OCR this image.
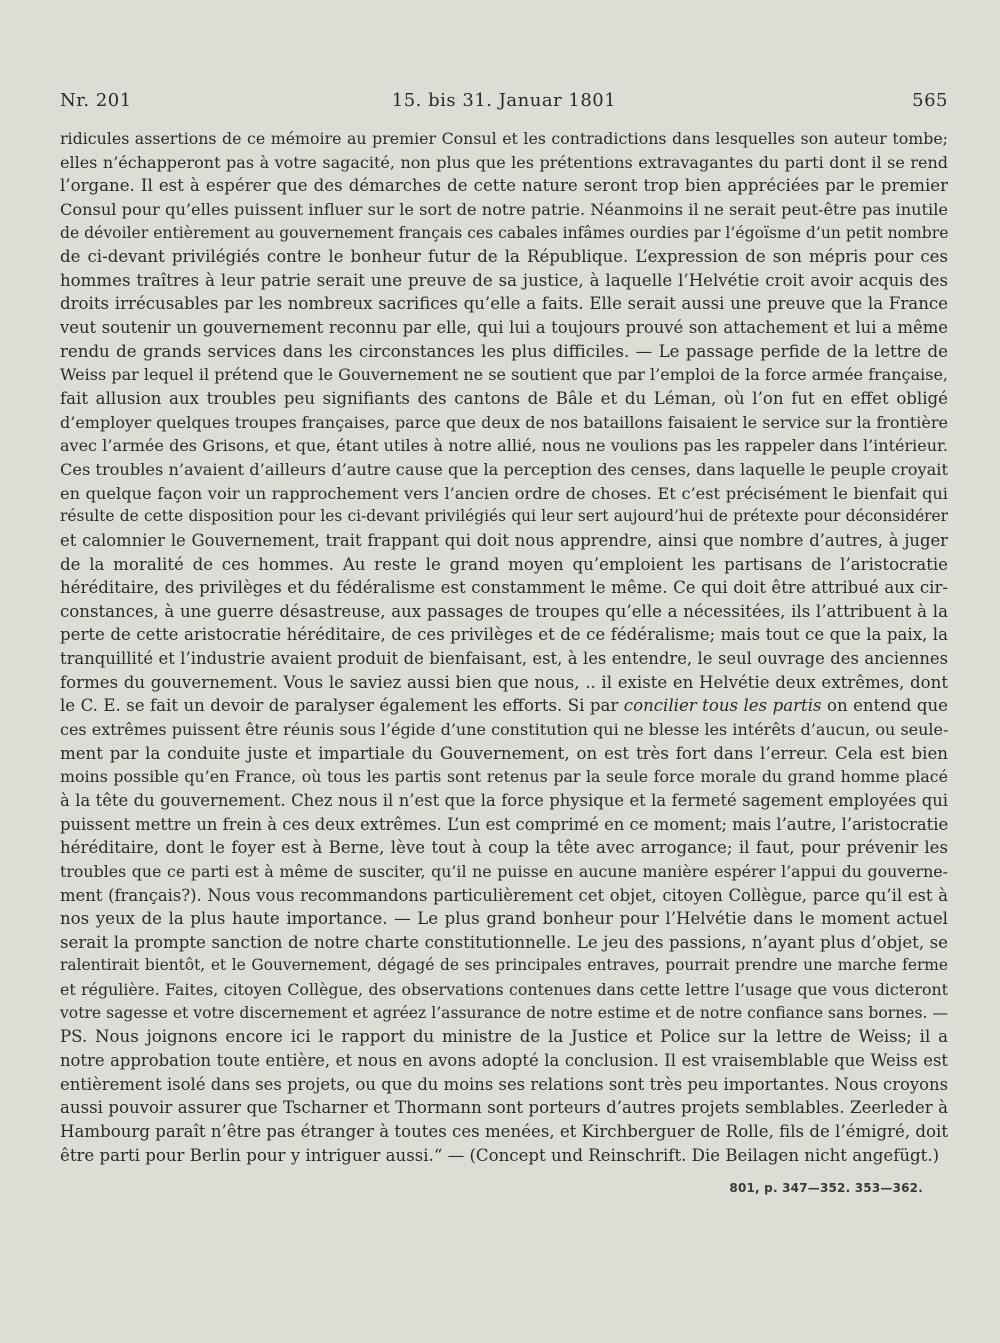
Nr. 201	15. bis 31. Januar 1801	565
ridicules assertions de ce mémoire au premier Consul et les contradictions dans lesquelles son auteur tombe;
elles n’échapperont pas à votre sagacité, non plus que les prétentions extravagantes du parti dont il se rend
l’organe. Il est à espérer que des démarches de cette nature seront trop bien appréciées par le premier
Consul pour qu’elles puissent influer sur le sort de notre patrie. Néanmoins il ne serait peut-être pas inutile
de dévoiler entièrement au gouvernement français ces cabales infâmes ourdies par l’égoïsme d’un petit nombre
de ci-devant privilégiés contre le bonheur futur de la République. L’expression de son mépris pour ces
hommes traîtres à leur patrie serait une preuve de sa justice, à laquelle l’Helvétie croit avoir acquis des
droits irrécusables par les nombreux sacrifices qu’elle a faits. Elle serait aussi une preuve que la France
veut soutenir un gouvernement reconnu par elle, qui lui a toujours prouvé son attachement et lui a même
rendu de grands services dans les circonstances les plus difficiles. — Le passage perfide de la lettre de
Weiss par lequel il prétend que le Gouvernement ne se soutient que par l’emploi de la force armée française,
fait allusion aux troubles peu signifiants des cantons de Bâle et du Léman, où l’on fut en effet obligé
d’employer quelques troupes françaises, parce que deux de nos bataillons faisaient le service sur la frontière
avec l’armée des Grisons, et que, étant utiles à notre allié, nous ne voulions pas les rappeler dans l’intérieur.
Ces troubles n’avaient d’ailleurs d’autre cause que la perception des censes, dans laquelle le peuple croyait
en quelque façon voir un rapprochement vers l’ancien ordre de choses. Et c’est précisément le bienfait qui
résulte de cette disposition pour les ci-devant privilégiés qui leur sert aujourd’hui de prétexte pour déconsidérer
et calomnier le Gouvernement, trait frappant qui doit nous apprendre, ainsi que nombre d’autres, à juger
de la moralité de ces hommes. Au reste le grand moyen qu’emploient les partisans de l’aristocratie
héréditaire, des privilèges et du fédéralisme est constamment le même. Ce qui doit être attribué aux cir-
constances, à une guerre désastreuse, aux passages de troupes qu’elle a nécessitées, ils l’attribuent à la
perte de cette aristocratie héréditaire, de ces privilèges et de ce fédéralisme; mais tout ce que la paix, la
tranquillité et l’industrie avaient produit de bienfaisant, est, à les entendre, le seul ouvrage des anciennes
formes du gouvernement. Vous le saviez aussi bien que nous, .. il existe en Helvétie deux extrêmes, dont
le C. E. se fait un devoir de paralyser également les efforts. Si par concilier tous les partis on entend que
ces extrêmes puissent être réunis sous l’égide d’une constitution qui ne blesse les intérêts d’aucun, ou seule-
ment par la conduite juste et impartiale du Gouvernement, on est très fort dans l’erreur. Cela est bien
moins possible qu’en France, où tous les partis sont retenus par la seule force morale du grand homme placé
à la tête du gouvernement. Chez nous il n’est que la force physique et la fermeté sagement employées qui
puissent mettre un frein à ces deux extrêmes. L’un est comprimé en ce moment; mais l’autre, l’aristocratie
héréditaire, dont le foyer est à Berne, lève tout à coup la tête avec arrogance; il faut, pour prévenir les
troubles que ce parti est à même de susciter, qu’il ne puisse en aucune manière espérer l’appui du gouverne-
ment (français?). Nous vous recommandons particulièrement cet objet, citoyen Collègue, parce qu’il est à
nos yeux de la plus haute importance. — Le plus grand bonheur pour l’Helvétie dans le moment actuel
serait la prompte sanction de notre charte constitutionnelle. Le jeu des passions, n’ayant plus d’objet, se
ralentirait bientôt, et le Gouvernement, dégagé de ses principales entraves, pourrait prendre une marche ferme
et régulière. Faites, citoyen Collègue, des observations contenues dans cette lettre l’usage que vous dicteront
votre sagesse et votre discernement et agréez l’assurance de notre estime et de notre confiance sans bornes. —
PS. Nous joignons encore ici le rapport du ministre de la Justice et Police sur la lettre de Weiss; il a
notre approbation toute entière, et nous en avons adopté la conclusion. Il est vraisemblable que Weiss est
entièrement isolé dans ses projets, ou que du moins ses relations sont très peu importantes. Nous croyons
aussi pouvoir assurer que Tscharner et Thormann sont porteurs d’autres projets semblables. Zeerleder à
Hambourg paraît n’être pas étranger à toutes ces menées, et Kirchberguer de Rolle, fils de l’émigré, doit
être parti pour Berlin pour y intriguer aussi.“ — (Concept und Reinschrift. Die Beilagen nicht angefügt.)
801, p. 347—352. 353—362.
